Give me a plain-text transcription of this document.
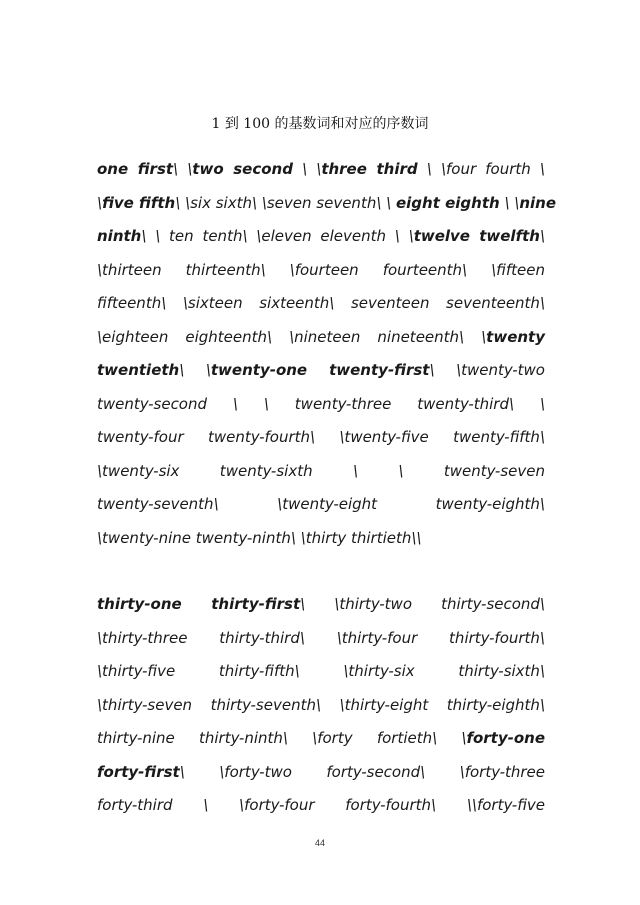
1 到 100 的基数词和对应的序数词
one first\ \two second \ \three third \ \four fourth \
\five fifth\ \six sixth\ \seven seventh\ \ eight eighth \ \nine
ninth\ \ ten tenth\ \eleven eleventh \ \twelve twelfth\
\thirteen thirteenth\ \fourteen fourteenth\ \fifteen
fifteenth\ \sixteen sixteenth\ seventeen seventeenth\
\eighteen eighteenth\ \nineteen nineteenth\ \twenty
twentieth\ \twenty-one twenty-first\ \twenty-two
twenty-second \ \ twenty-three twenty-third\ \
twenty-four twenty-fourth\ \twenty-five twenty-fifth\
\twenty-six twenty-sixth \ \ twenty-seven
twenty-seventh\ \twenty-eight twenty-eighth\
\twenty-nine twenty-ninth\ \thirty thirtieth\\
thirty-one thirty-first\ \thirty-two thirty-second\
\thirty-three thirty-third\ \thirty-four thirty-fourth\
\thirty-five thirty-fifth\ \thirty-six thirty-sixth\
\thirty-seven thirty-seventh\ \thirty-eight thirty-eighth\
thirty-nine thirty-ninth\ \forty fortieth\ \forty-one
forty-first\ \forty-two forty-second\ \forty-three
forty-third \ \forty-four forty-fourth\ \\forty-five
44
